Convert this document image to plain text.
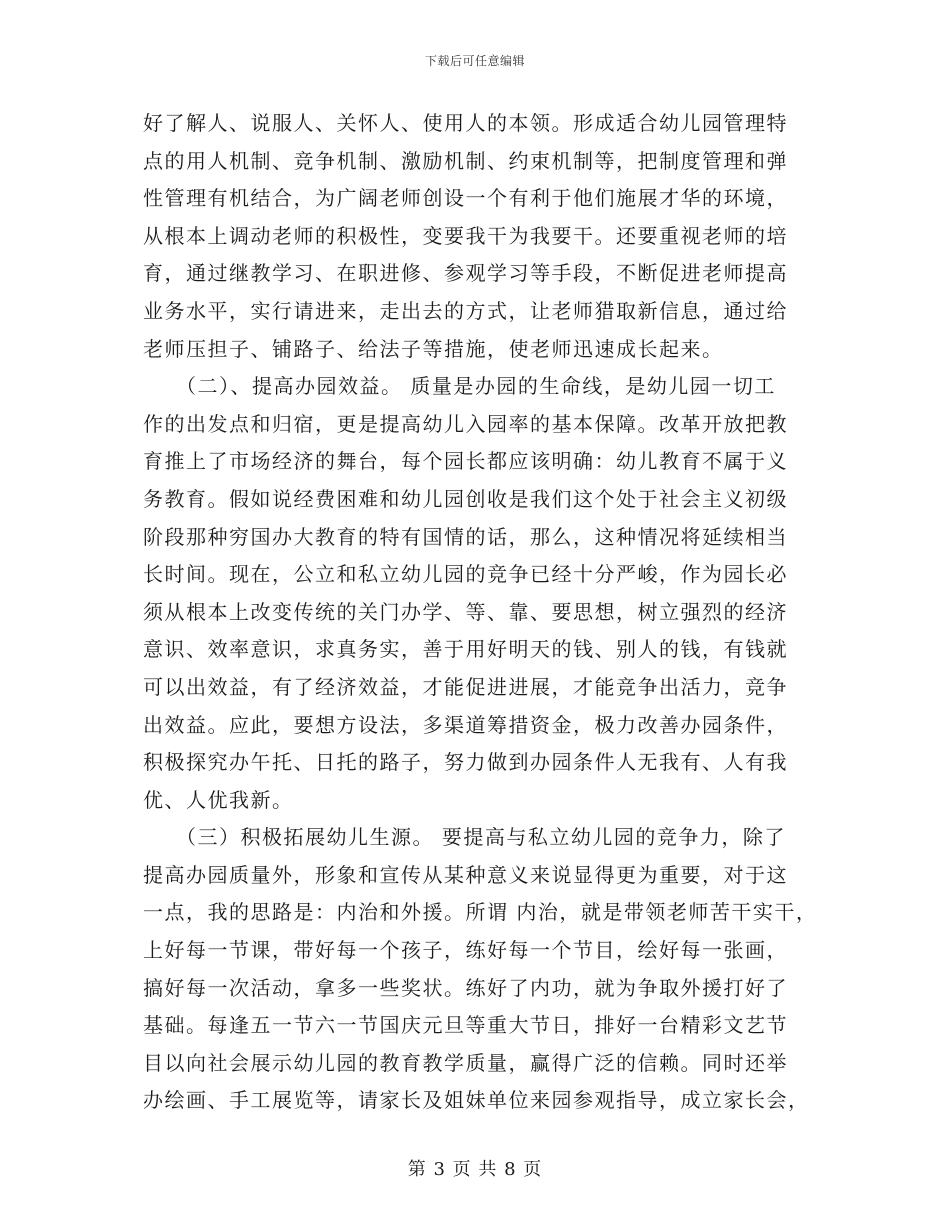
下载后可任意编辑
好了解人、说服人、关怀人、使用人的本领。形成适合幼儿园管理特
点的用人机制、竞争机制、激励机制、约束机制等，把制度管理和弹
性管理有机结合，为广阔老师创设一个有利于他们施展才华的环境，
从根本上调动老师的积极性，变要我干为我要干。还要重视老师的培
育，通过继教学习、在职进修、参观学习等手段，不断促进老师提高
业务水平，实行请进来，走出去的方式，让老师猎取新信息，通过给
老师压担子、铺路子、给法子等措施，使老师迅速成长起来。
　　（二）、提高办园效益。 质量是办园的生命线，是幼儿园一切工
作的出发点和归宿，更是提高幼儿入园率的基本保障。改革开放把教
育推上了市场经济的舞台，每个园长都应该明确：幼儿教育不属于义
务教育。假如说经费困难和幼儿园创收是我们这个处于社会主义初级
阶段那种穷国办大教育的特有国情的话，那么，这种情况将延续相当
长时间。现在，公立和私立幼儿园的竞争已经十分严峻，作为园长必
须从根本上改变传统的关门办学、等、靠、要思想，树立强烈的经济
意识、效率意识，求真务实，善于用好明天的钱、别人的钱，有钱就
可以出效益，有了经济效益，才能促进进展，才能竞争出活力，竞争
出效益。应此，要想方设法，多渠道筹措资金，极力改善办园条件，
积极探究办午托、日托的路子，努力做到办园条件人无我有、人有我
优、人优我新。
　　（三）积极拓展幼儿生源。 要提高与私立幼儿园的竞争力，除了
提高办园质量外，形象和宣传从某种意义来说显得更为重要，对于这
一点，我的思路是：内治和外援。所谓 内治，就是带领老师苦干实干，
上好每一节课，带好每一个孩子，练好每一个节目，绘好每一张画，
搞好每一次活动，拿多一些奖状。练好了内功，就为争取外援打好了
基础。每逢五一节六一节国庆元旦等重大节日，排好一台精彩文艺节
目以向社会展示幼儿园的教育教学质量，赢得广泛的信赖。同时还举
办绘画、手工展览等，请家长及姐妹单位来园参观指导，成立家长会，
第 3 页 共 8 页
